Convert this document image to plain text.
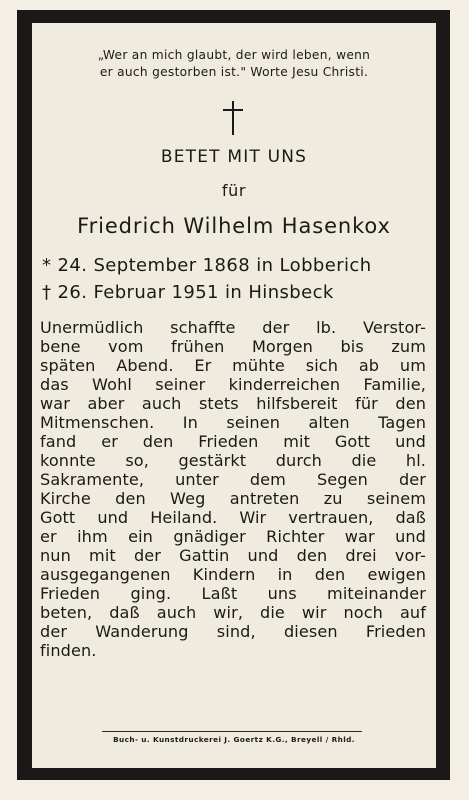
„Wer an mich glaubt, der wird leben, wenn
er auch gestorben ist." Worte Jesu Christi.
BETET MIT UNS
für
Friedrich Wilhelm Hasenkox
* 24. September 1868 in Lobberich
† 26. Februar 1951 in Hinsbeck
Unermüdlich schaffte der lb. Verstor-
bene vom frühen Morgen bis zum
späten Abend. Er mühte sich ab um
das Wohl seiner kinderreichen Familie,
war aber auch stets hilfsbereit für den
Mitmenschen. In seinen alten Tagen
fand er den Frieden mit Gott und
konnte so, gestärkt durch die hl.
Sakramente, unter dem Segen der
Kirche den Weg antreten zu seinem
Gott und Heiland. Wir vertrauen, daß
er ihm ein gnädiger Richter war und
nun mit der Gattin und den drei vor-
ausgegangenen Kindern in den ewigen
Frieden ging. Laßt uns miteinander
beten, daß auch wir, die wir noch auf
der Wanderung sind, diesen Frieden
finden.
Buch- u. Kunstdruckerei J. Goertz K.G., Breyell / Rhld.
